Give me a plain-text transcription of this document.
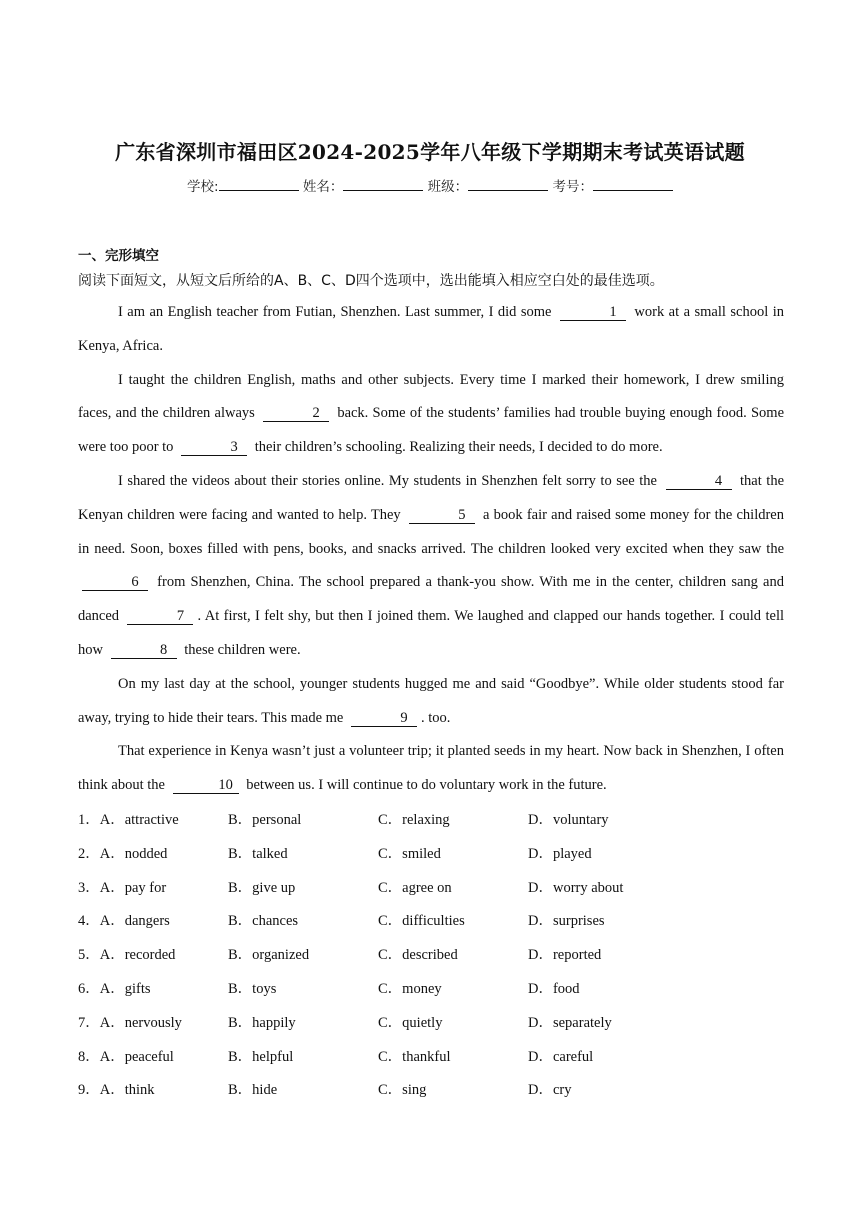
广东省深圳市福田区2024-2025学年八年级下学期期末考试英语试题
学校:	姓名：	班级：	考号：
一、完形填空
阅读下面短文，从短文后所给的A、B、C、D四个选项中，选出能填入相应空白处的最佳选项。

I am an English teacher from Futian, Shenzhen. Last summer, I did some	1 work at a small school in Kenya, Africa.

I taught the children English, maths and other subjects. Every time I marked their homework, I drew smiling faces, and the children always	2 back. Some of the students’ families had trouble buying enough food. Some were too poor to	3 their children’s schooling. Realizing their needs, I decided to do more.

I shared the videos about their stories online. My students in Shenzhen felt sorry to see the	4 that the Kenyan children were facing and wanted to help. They	5 a book fair and raised some money for the children in need. Soon, boxes filled with pens, books, and snacks arrived. The children looked very excited when they saw the 6 from Shenzhen, China. The school prepared a thank-you show. With me in the center, children sang and danced	7 . At first, I felt shy, but then I joined them. We laughed and clapped our hands together. I could tell how	8 these children were.

On my last day at the school, younger students hugged me and said “Goodbye”. While older students stood far away, trying to hide their tears. This made me	9 . too.

That experience in Kenya wasn’t just a volunteer trip; it planted seeds in my heart. Now back in Shenzhen, I often think about the	10 between us. I will continue to do voluntary work in the future.

1．A．attractive	B．personal	C．relaxing	D．voluntary
2．A．nodded	B．talked	C．smiled	D．played
3．A．pay for	B．give up	C．agree on	D．worry about
4．A．dangers	B．chances	C．difficulties	D．surprises
5．A．recorded	B．organized	C．described	D．reported
6．A．gifts	B．toys	C．money	D．food
7．A．nervously	B．happily	C．quietly	D．separately
8．A．peaceful	B．helpful	C．thankful	D．careful
9．A．think	B．hide	C．sing	D．cry
